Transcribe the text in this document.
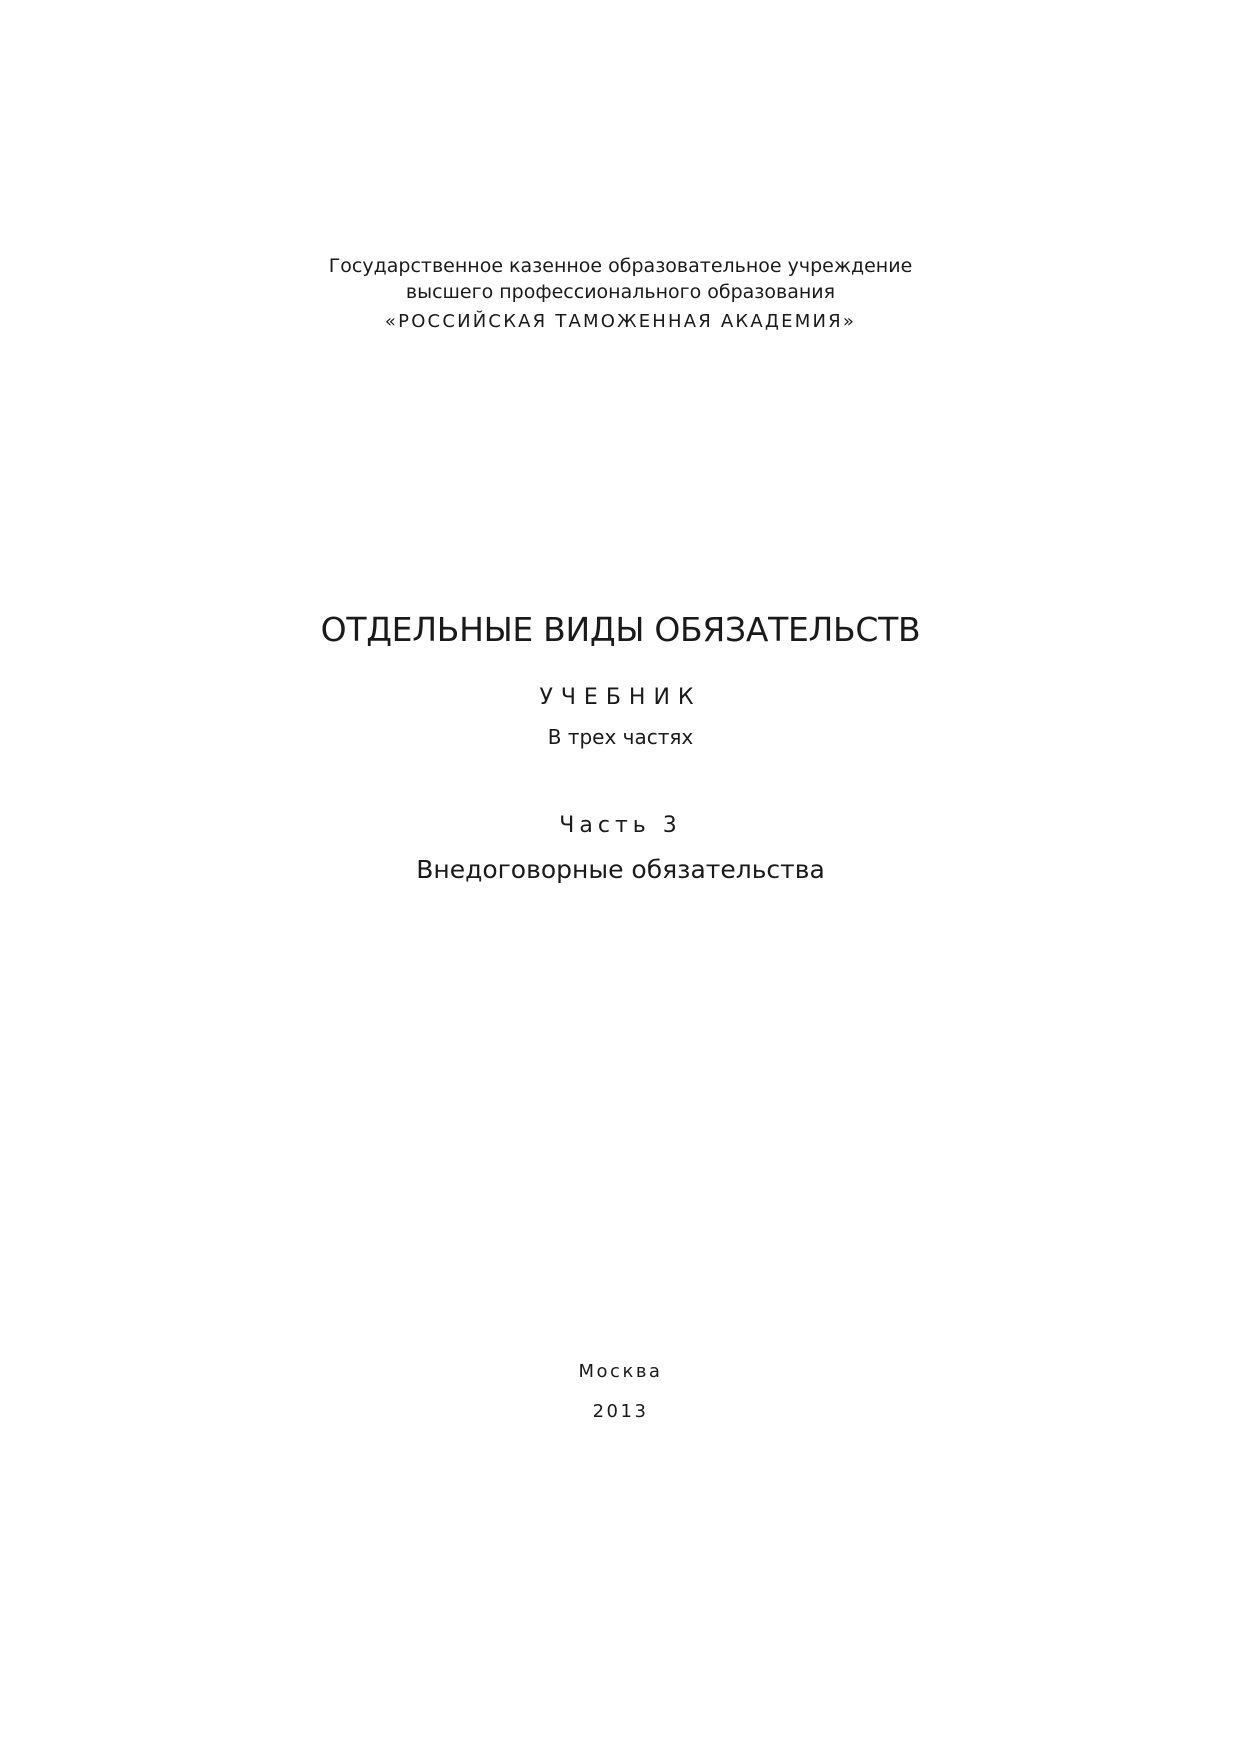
Государственное казенное образовательное учреждение
высшего профессионального образования
«РОССИЙСКАЯ ТАМОЖЕННАЯ АКАДЕМИЯ»
ОТДЕЛЬНЫЕ ВИДЫ ОБЯЗАТЕЛЬСТВ
УЧЕБНИК
В трех частях
Часть 3
Внедоговорные обязательства
Москва
2013
